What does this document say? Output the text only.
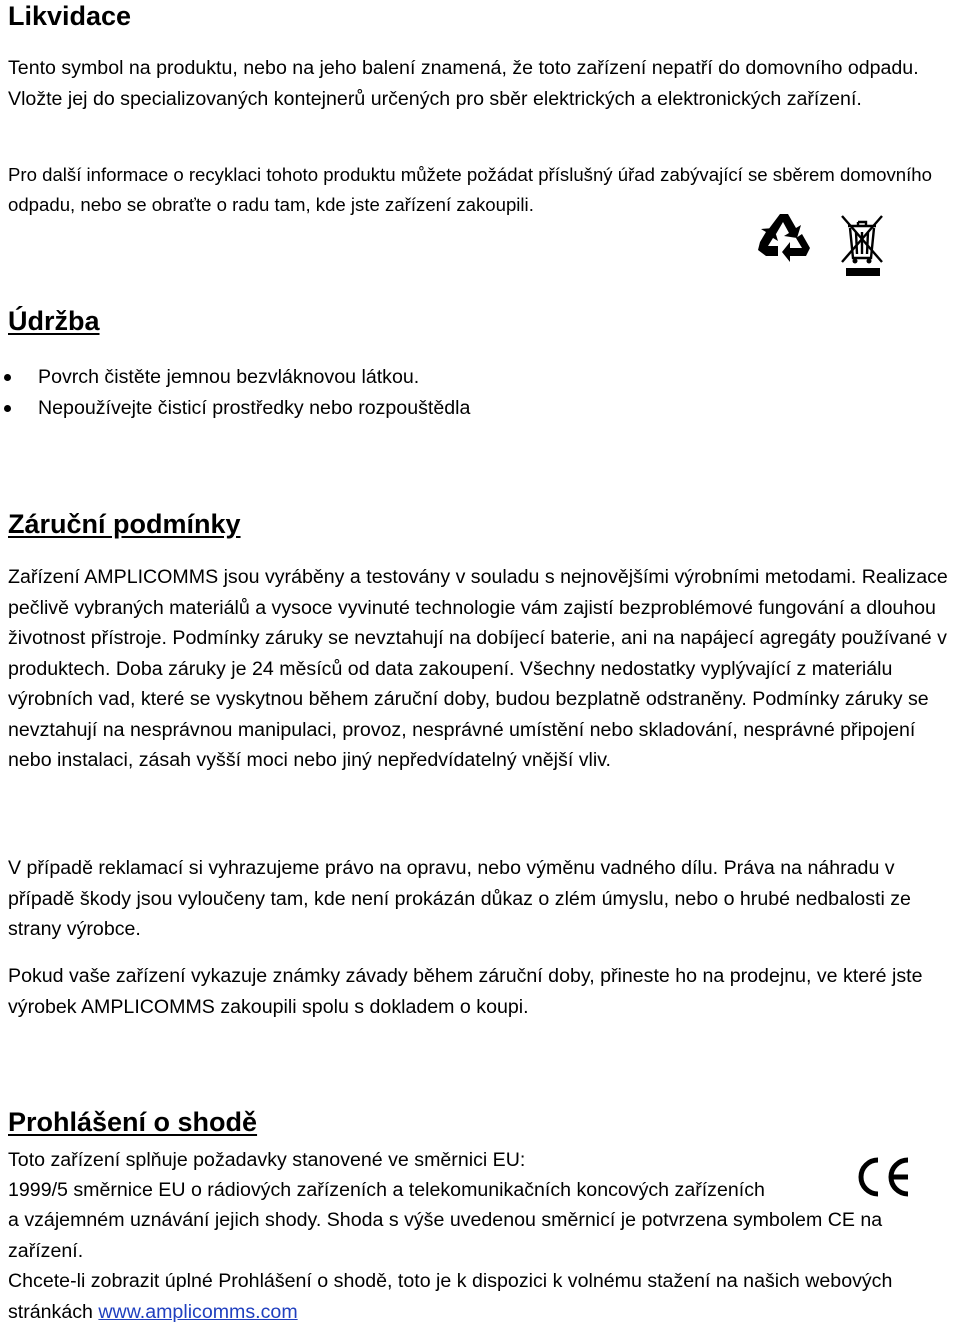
Likvidace

Tento symbol na produktu, nebo na jeho balení znamená, že toto zařízení nepatří do domovního odpadu. Vložte jej do specializovaných kontejnerů určených pro sběr elektrických a elektronických zařízení.

Pro další informace o recyklaci tohoto produktu můžete požádat příslušný úřad zabývající se sběrem domovního odpadu, nebo se obraťte o radu tam, kde jste zařízení zakoupili.

Údržba
Povrch čistěte jemnou bezvláknovou látkou.
Nepoužívejte čisticí prostředky nebo rozpouštědla
Záruční podmínky

Zařízení AMPLICOMMS jsou vyráběny a testovány v souladu s nejnovějšími výrobními metodami. Realizace pečlivě vybraných materiálů a vysoce vyvinuté technologie vám zajistí bezproblémové fungování a dlouhou životnost přístroje. Podmínky záruky se nevztahují na dobíjecí baterie, ani na napájecí agregáty používané v produktech. Doba záruky je 24 měsíců od data zakoupení. Všechny nedostatky vyplývající z materiálu výrobních vad, které se vyskytnou během záruční doby, budou bezplatně odstraněny. Podmínky záruky se nevztahují na nesprávnou manipulaci, provoz, nesprávné umístění nebo skladování, nesprávné připojení nebo instalaci, zásah vyšší moci nebo jiný nepředvídatelný vnější vliv.

V případě reklamací si vyhrazujeme právo na opravu, nebo výměnu vadného dílu. Práva na náhradu v případě škody jsou vyloučeny tam, kde není prokázán důkaz o zlém úmyslu, nebo o hrubé nedbalosti ze strany výrobce.

Pokud vaše zařízení vykazuje známky závady během záruční doby, přineste ho na prodejnu, ve které jste výrobek AMPLICOMMS zakoupili spolu s dokladem o koupi.

Prohlášení o shodě

Toto zařízení splňuje požadavky stanovené ve směrnici EU:

1999/5 směrnice EU o rádiových zařízeních a telekomunikačních koncových zařízeních

a vzájemném uznávání jejich shody. Shoda s výše uvedenou směrnicí je potvrzena symbolem CE na zařízení.

Chcete-li zobrazit úplné Prohlášení o shodě, toto je k dispozici k volnému stažení na našich webových stránkách www.amplicomms.com
